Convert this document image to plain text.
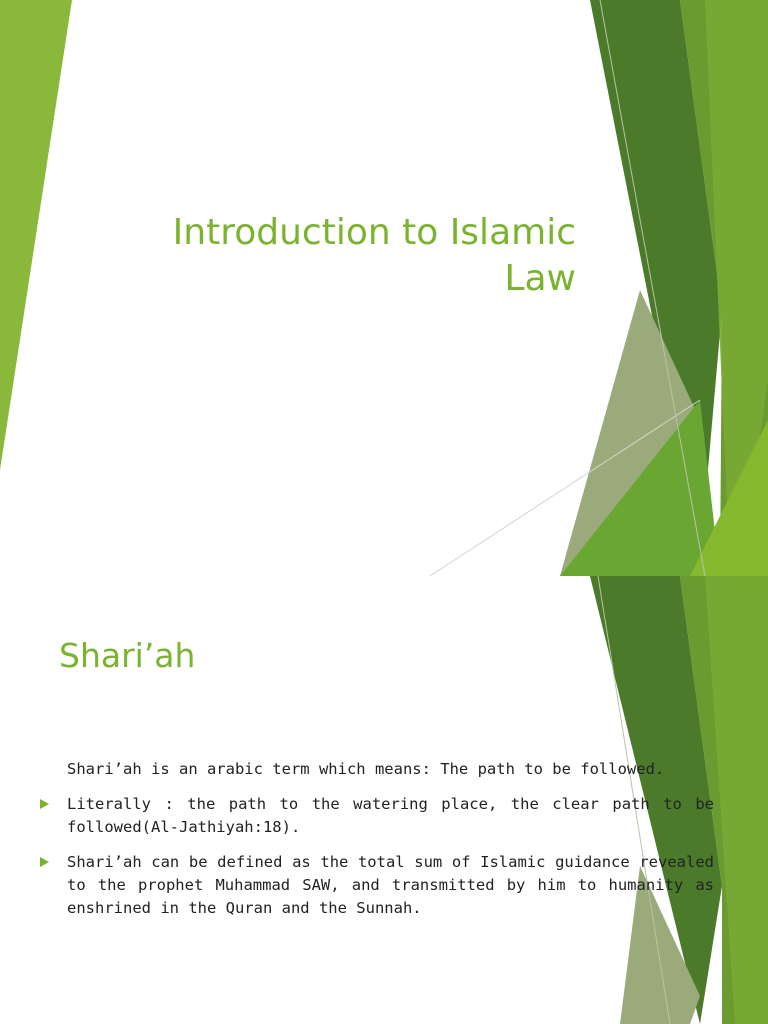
Introduction to Islamic Law
Shari’ah
Shari’ah is an arabic term which means: The path to be followed.
Literally : the path to the watering place, the clear path to be followed(Al-Jathiyah:18).
Shari’ah can be defined as the total sum of Islamic guidance revealed to the prophet Muhammad SAW, and transmitted by him to humanity as enshrined in the Quran and the Sunnah.
